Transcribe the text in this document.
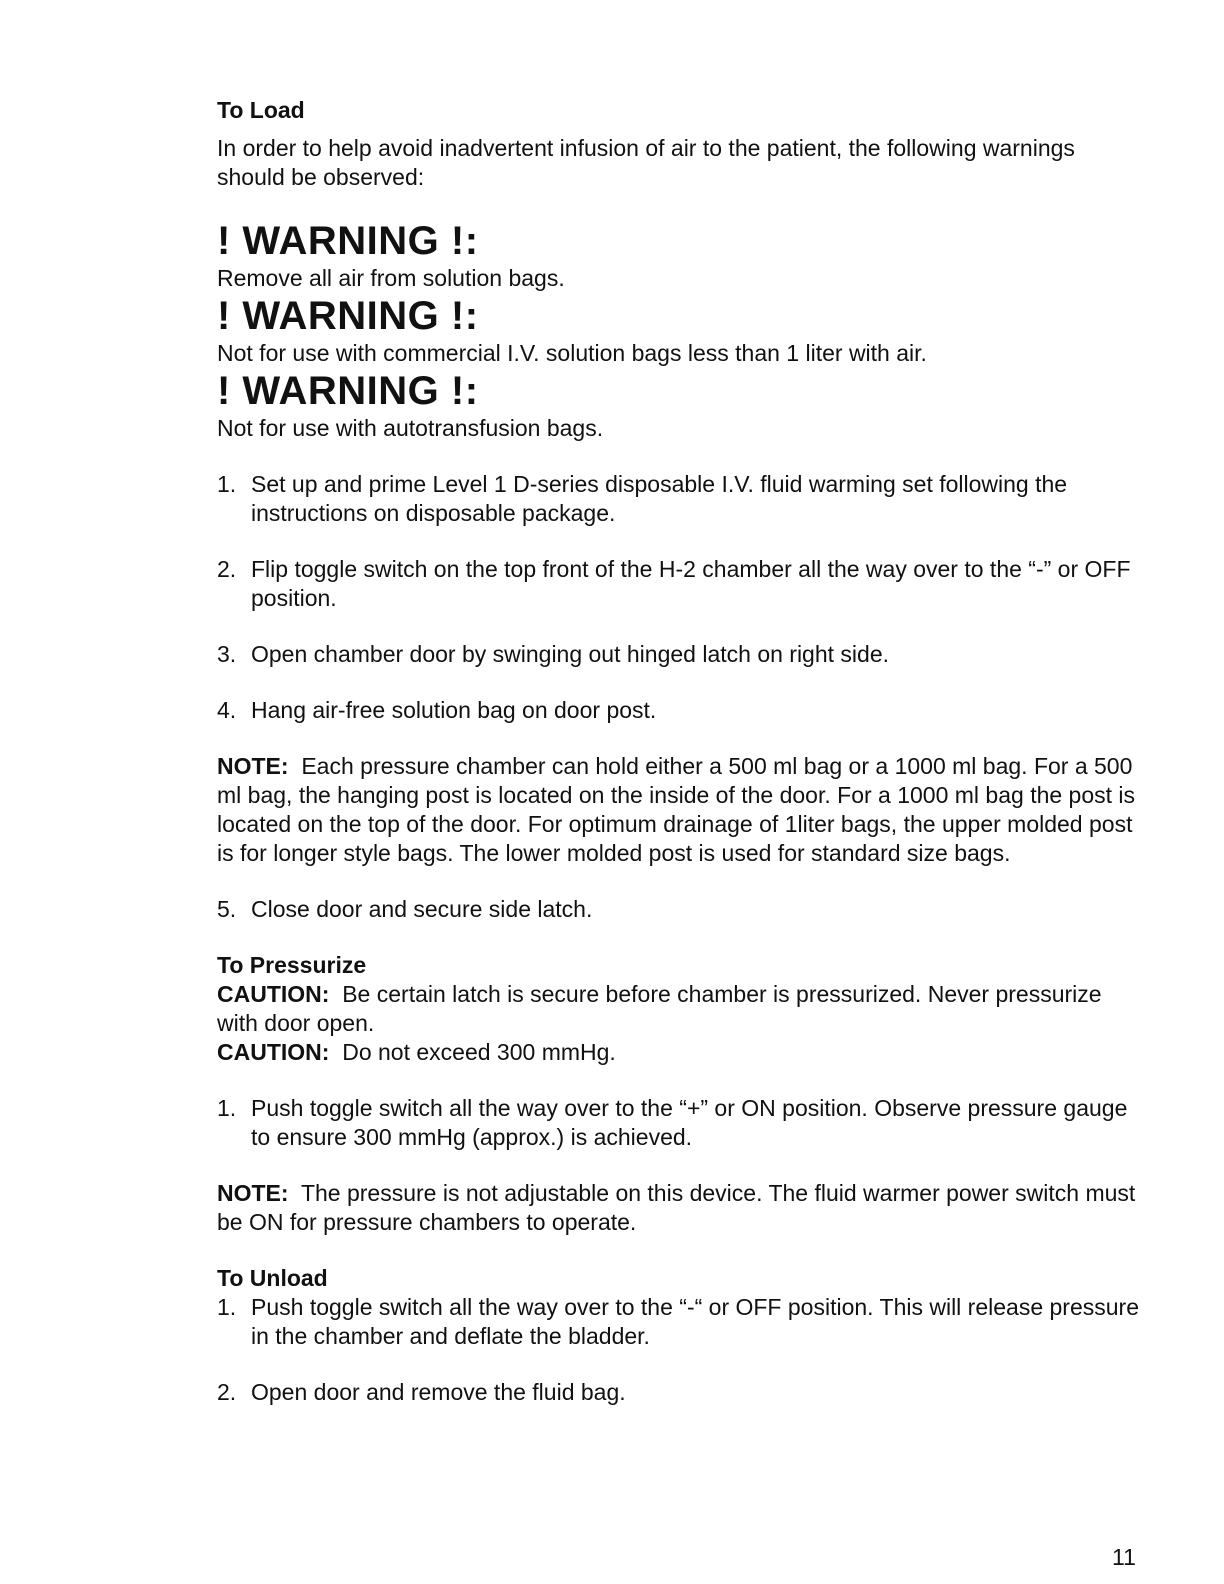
To Load

In order to help avoid inadvertent infusion of air to the patient, the following warnings should be observed:

! WARNING !:

Remove all air from solution bags.

! WARNING !:

Not for use with commercial I.V. solution bags less than 1 liter with air.

! WARNING !:

Not for use with autotransfusion bags.

1. Set up and prime Level 1 D-series disposable I.V. fluid warming set following the instructions on disposable package.
2. Flip toggle switch on the top front of the H-2 chamber all the way over to the “-” or OFF position.
3. Open chamber door by swinging out hinged latch on right side.
4. Hang air-free solution bag on door post.

NOTE: Each pressure chamber can hold either a 500 ml bag or a 1000 ml bag. For a 500 ml bag, the hanging post is located on the inside of the door. For a 1000 ml bag the post is located on the top of the door. For optimum drainage of 1liter bags, the upper molded post is for longer style bags. The lower molded post is used for standard size bags.

5. Close door and secure side latch.

To Pressurize

CAUTION: Be certain latch is secure before chamber is pressurized. Never pressurize with door open.

CAUTION: Do not exceed 300 mmHg.

1. Push toggle switch all the way over to the “+” or ON position. Observe pressure gauge to ensure 300 mmHg (approx.) is achieved.

NOTE: The pressure is not adjustable on this device. The fluid warmer power switch must be ON for pressure chambers to operate.

To Unload

1. Push toggle switch all the way over to the “-“ or OFF position. This will release pressure in the chamber and deflate the bladder.
2. Open door and remove the fluid bag.
11
